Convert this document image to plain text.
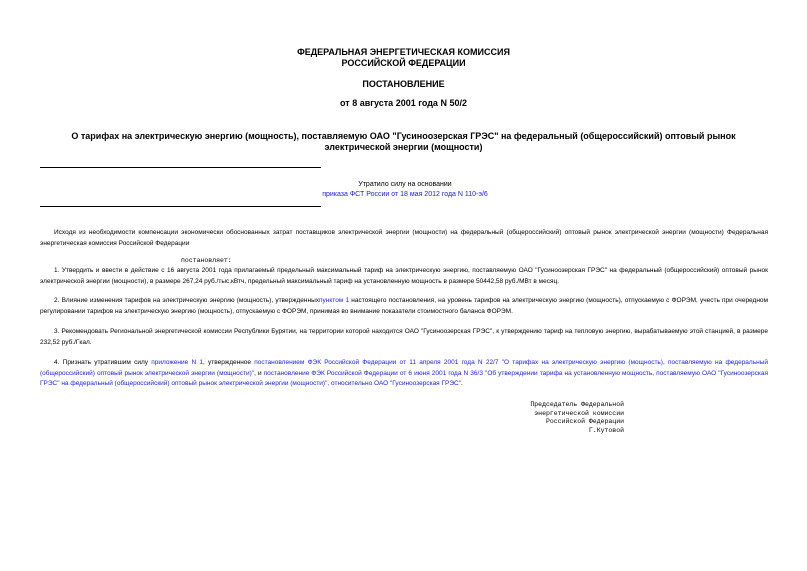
ФЕДЕРАЛЬНАЯ ЭНЕРГЕТИЧЕСКАЯ КОМИССИЯ
РОССИЙСКОЙ ФЕДЕРАЦИИ
ПОСТАНОВЛЕНИЕ
от 8 августа 2001 года N 50/2
О тарифах на электрическую энергию (мощность), поставляемую ОАО "Гусиноозерская ГРЭС" на федеральный (общероссийский) оптовый рынок электрической энергии (мощности)
Утратило силу на основании
приказа ФСТ России от 18 мая 2012 года N 110-э/6
Исходя из необходимости компенсации экономически обоснованных затрат поставщиков электрической энергии (мощности) на федеральный (общероссийский) оптовый рынок электрической энергии (мощности) Федеральная энергетическая комиссия Российской Федерации
постановляет:
1. Утвердить и ввести в действие с 16 августа 2001 года прилагаемый предельный максимальный тариф на электрическую энергию, поставляемую ОАО "Гусиноозерская ГРЭС" на федеральный (общероссийский) оптовый рынок электрической энергии (мощности), в размере 267,24 руб./тыс.кВтч, предельный максимальный тариф на установленную мощность в размере 50442,58 руб./МВт в месяц.
2. Влияние изменения тарифов на электрическую энергию (мощность), утвержденныхпунктом 1 настоящего постановления, на уровень тарифов на электрическую энергию (мощность), отпускаемую с ФОРЭМ, учесть при очередном регулировании тарифов на электрическую энергию (мощность), отпускаемую с ФОРЭМ, принимая во внимание показатели стоимостного баланса ФОРЭМ.
3. Рекомендовать Региональной энергетической комиссии Республики Бурятии, на территории которой находится ОАО "Гусиноозерская ГРЭС", к утверждению тариф на тепловую энергию, вырабатываемую этой станцией, в размере 232,52 руб./Гкал.
4. Признать утратившим силу приложение N 1, утвержденное постановлением ФЭК Российской Федерации от 11 апреля 2001 года N 22/7 "О тарифах на электрическую энергию (мощность), поставляемую на федеральный (общероссийский) оптовый рынок электрической энергии (мощности)", и постановление ФЭК Российской Федерации от 6 июня 2001 года N 36/3 "Об утверждении тарифа на установленную мощность, поставляемую ОАО "Гусиноозерская ГРЭС" на федеральный (общероссийский) оптовый рынок электрической энергии (мощности)", относительно ОАО "Гусиноозерская ГРЭС".
Председатель Федеральной
энергетической комиссии
Российской Федерации
Г.Кутовой
